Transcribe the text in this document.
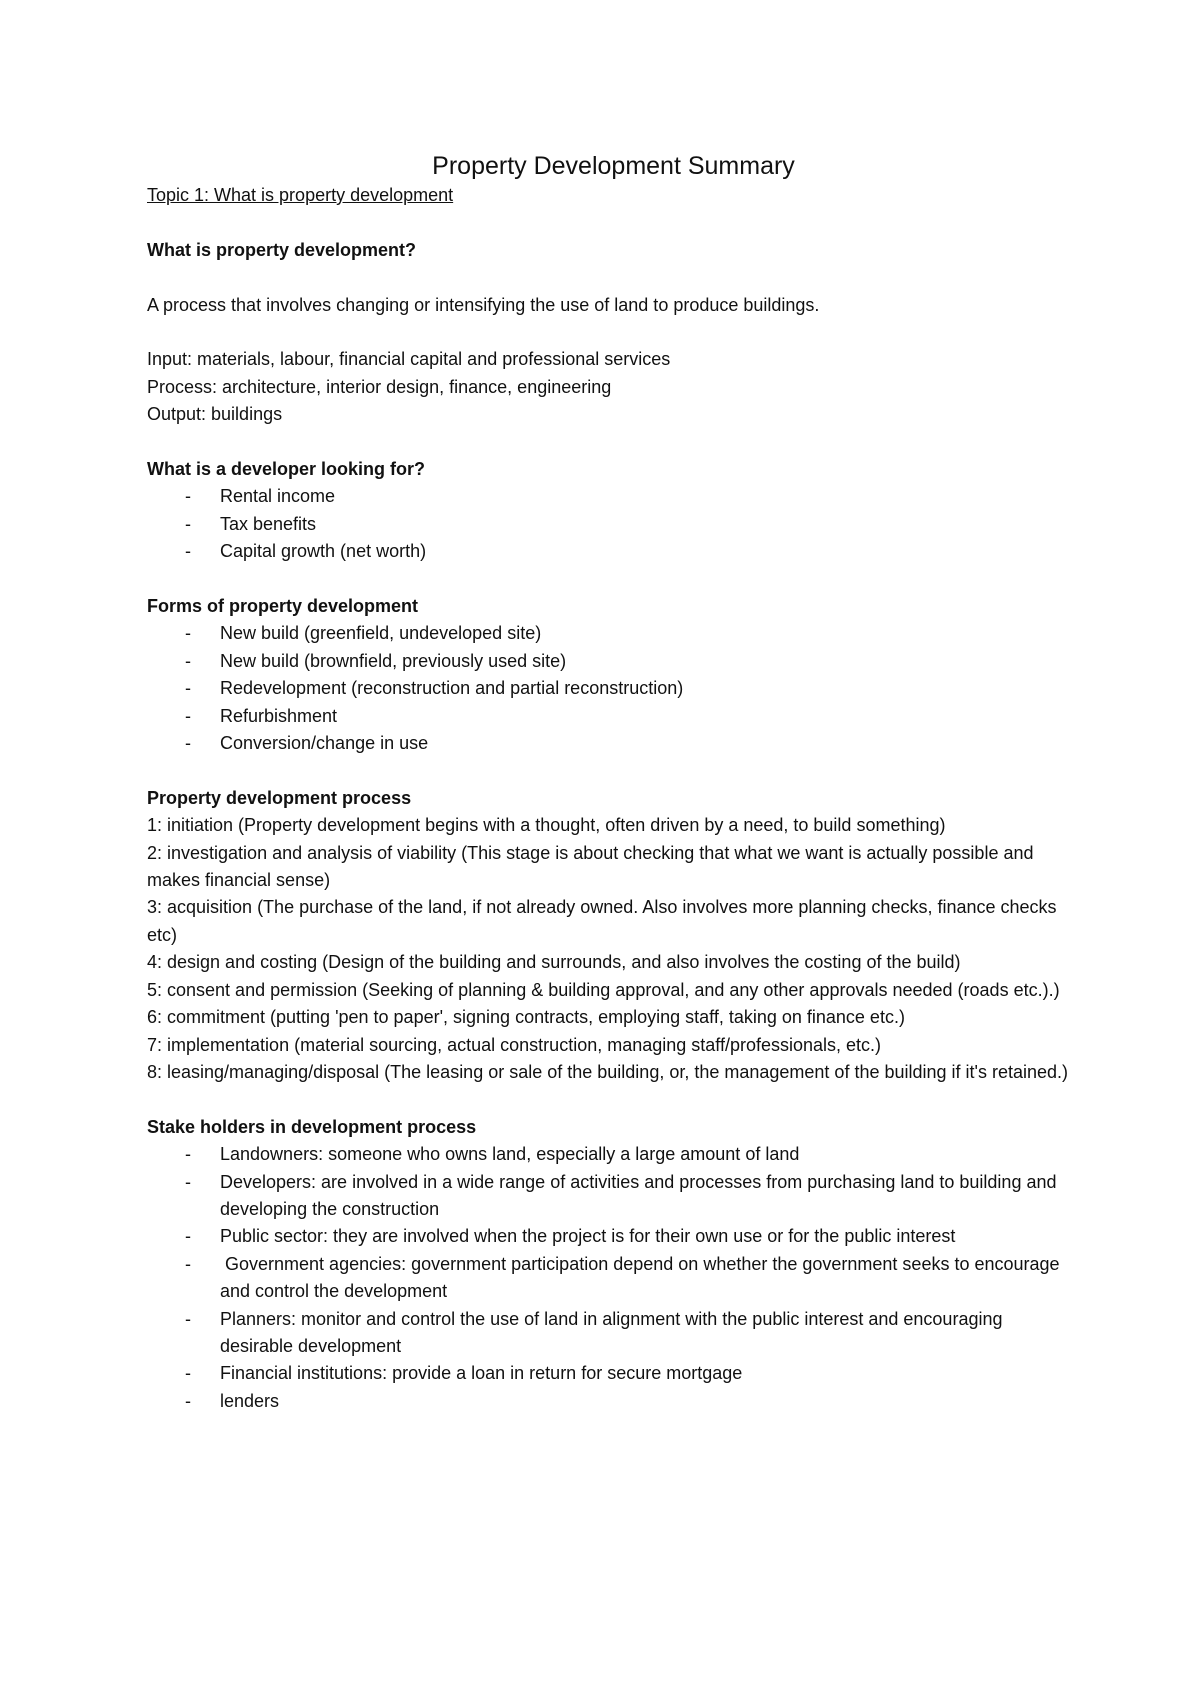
Property Development Summary

Topic 1: What is property development

What is property development?

A process that involves changing or intensifying the use of land to produce buildings.

Input: materials, labour, financial capital and professional services

Process: architecture, interior design, finance, engineering

Output: buildings

What is a developer looking for?

- Rental income
- Tax benefits
- Capital growth (net worth)

Forms of property development

- New build (greenfield, undeveloped site)
- New build (brownfield, previously used site)
- Redevelopment (reconstruction and partial reconstruction)
- Refurbishment
- Conversion/change in use

Property development process

1: initiation (Property development begins with a thought, often driven by a need, to build something)

2: investigation and analysis of viability (This stage is about checking that what we want is actually possible and makes financial sense)

3: acquisition (The purchase of the land, if not already owned. Also involves more planning checks, finance checks etc)

4: design and costing (Design of the building and surrounds, and also involves the costing of the build)

5: consent and permission (Seeking of planning & building approval, and any other approvals needed (roads etc.).)

6: commitment (putting 'pen to paper', signing contracts, employing staff, taking on finance etc.)

7: implementation (material sourcing, actual construction, managing staff/professionals, etc.)

8: leasing/managing/disposal (The leasing or sale of the building, or, the management of the building if it's retained.)

Stake holders in development process

- Landowners: someone who owns land, especially a large amount of land
- Developers: are involved in a wide range of activities and processes from purchasing land to building and developing the construction
- Public sector: they are involved when the project is for their own use or for the public interest
- Government agencies: government participation depend on whether the government seeks to encourage and control the development
- Planners: monitor and control the use of land in alignment with the public interest and encouraging desirable development
- Financial institutions: provide a loan in return for secure mortgage
- lenders
